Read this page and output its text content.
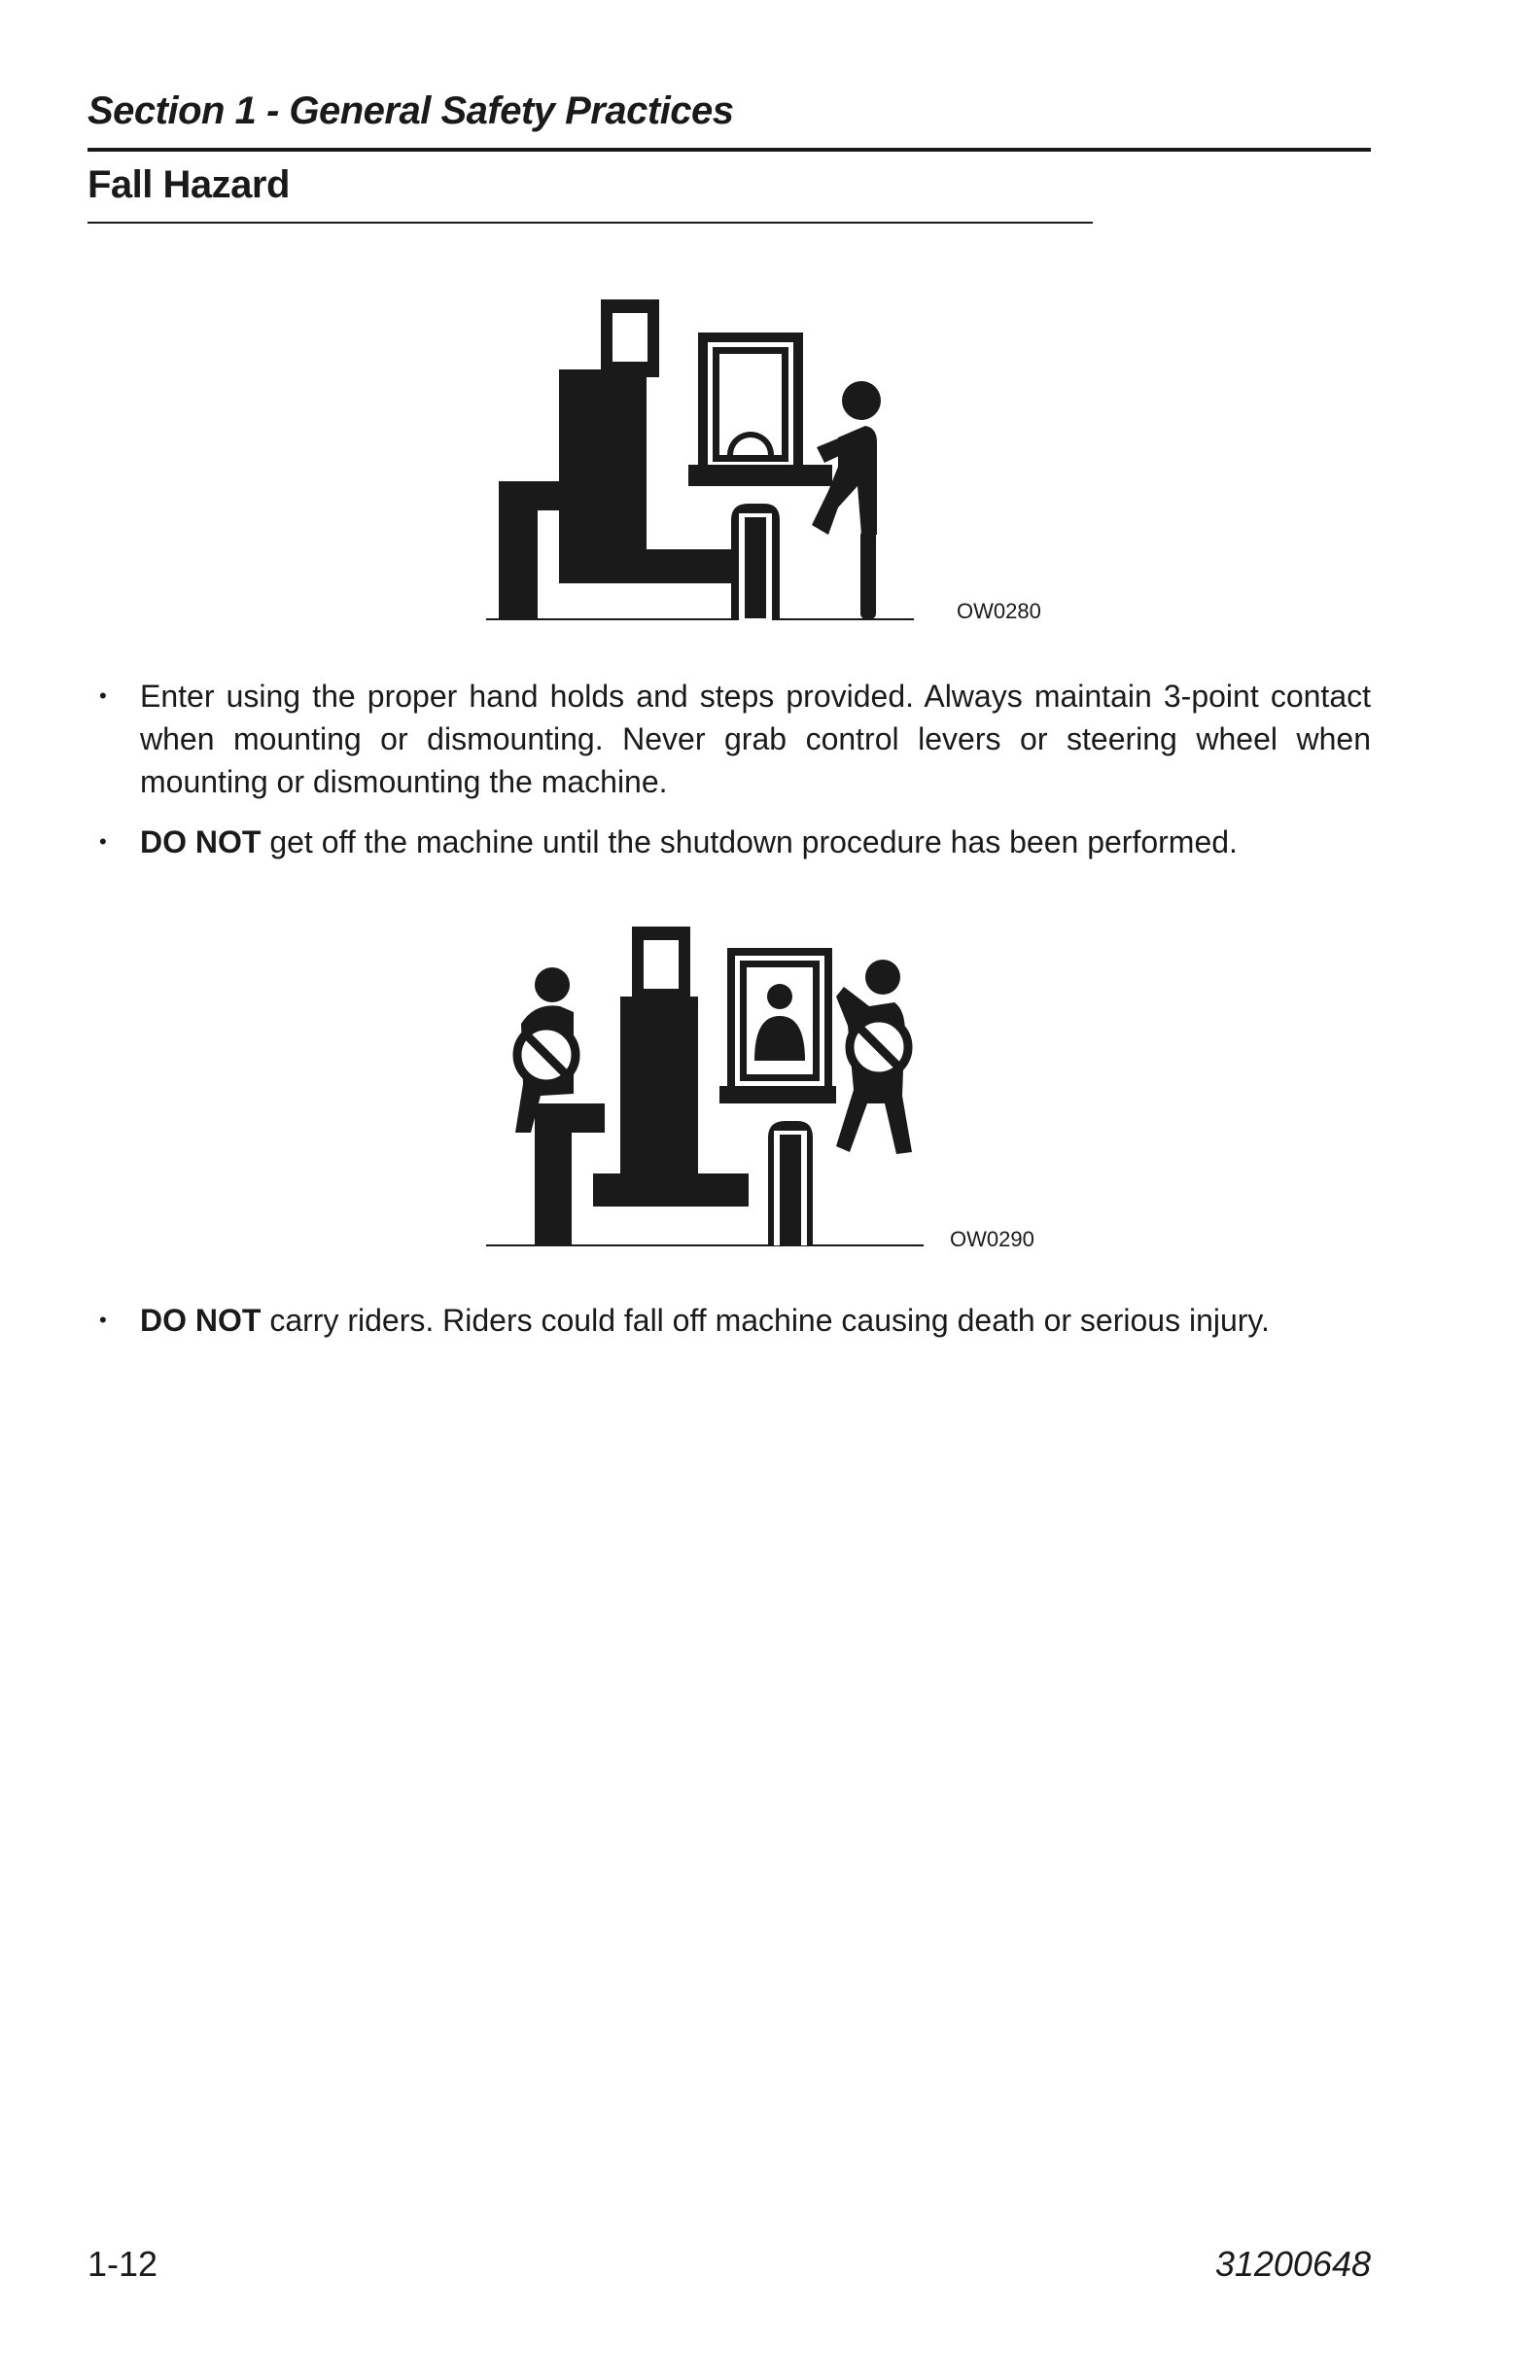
Section 1 - General Safety Practices
Fall Hazard
OW0280
•	Enter using the proper hand holds and steps provided. Always maintain 3-point contact when mounting or dismounting. Never grab control levers or steering wheel when mounting or dismounting the machine.
•	DO NOT get off the machine until the shutdown procedure has been performed.
OW0290
•	DO NOT carry riders. Riders could fall off machine causing death or serious injury.
1-12	31200648
